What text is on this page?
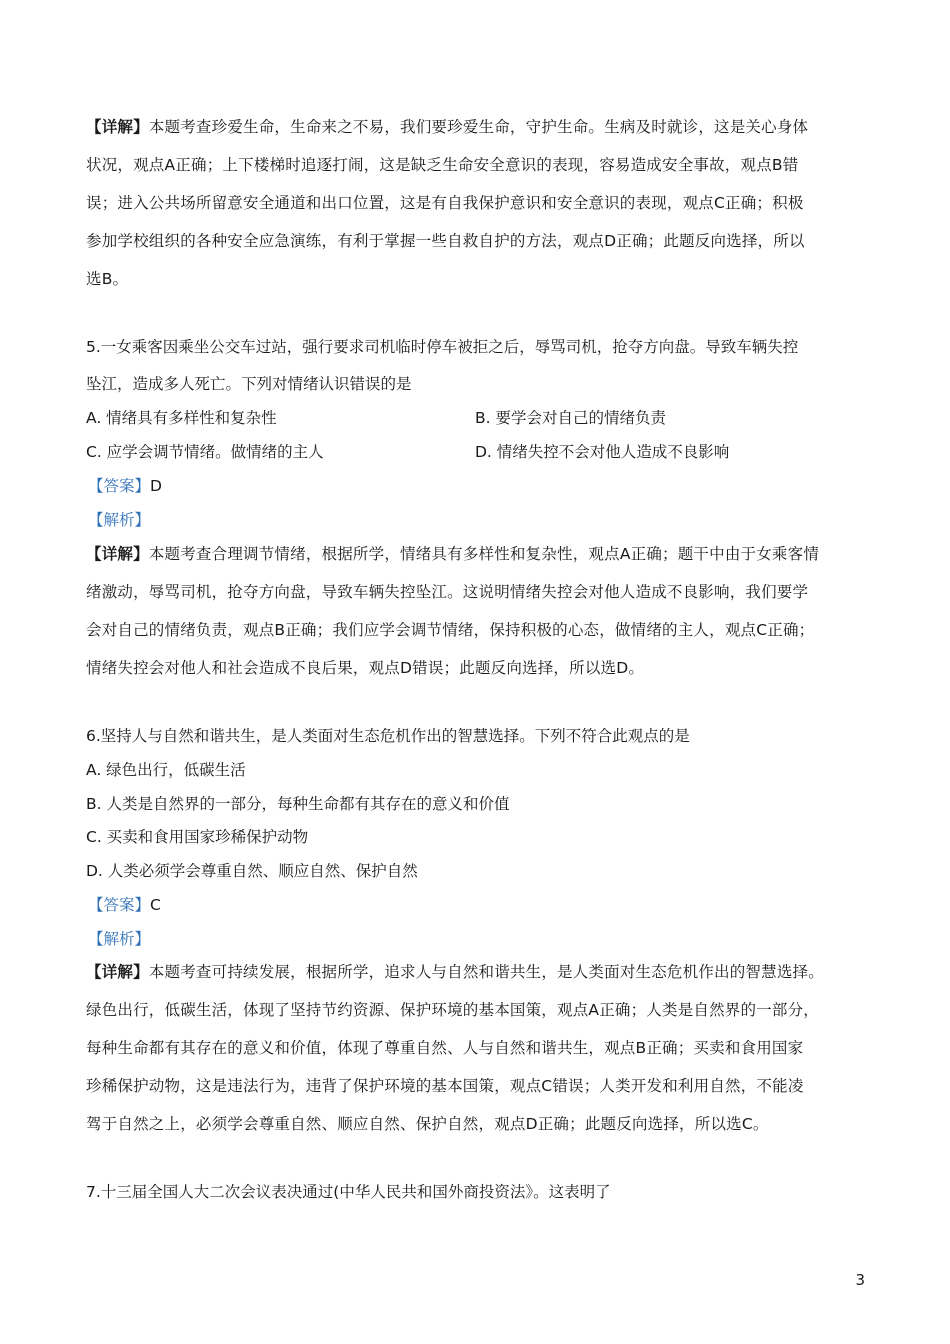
【详解】本题考查珍爱生命，生命来之不易，我们要珍爱生命，守护生命。生病及时就诊，这是关心身体
状况，观点A正确；上下楼梯时追逐打闹，这是缺乏生命安全意识的表现，容易造成安全事故，观点B错
误；进入公共场所留意安全通道和出口位置，这是有自我保护意识和安全意识的表现，观点C正确；积极
参加学校组织的各种安全应急演练，有利于掌握一些自救自护的方法，观点D正确；此题反向选择，所以
选B。
5.一女乘客因乘坐公交车过站，强行要求司机临时停车被拒之后，辱骂司机，抢夺方向盘。导致车辆失控
坠江，造成多人死亡。下列对情绪认识错误的是
A. 情绪具有多样性和复杂性	B. 要学会对自己的情绪负责
C. 应学会调节情绪。做情绪的主人	D. 情绪失控不会对他人造成不良影响
【答案】D
【解析】
【详解】本题考查合理调节情绪，根据所学，情绪具有多样性和复杂性，观点A正确；题干中由于女乘客情
绪激动，辱骂司机，抢夺方向盘，导致车辆失控坠江。这说明情绪失控会对他人造成不良影响，我们要学
会对自己的情绪负责，观点B正确；我们应学会调节情绪，保持积极的心态，做情绪的主人，观点C正确；
情绪失控会对他人和社会造成不良后果，观点D错误；此题反向选择，所以选D。
6.坚持人与自然和谐共生，是人类面对生态危机作出的智慧选择。下列不符合此观点的是
A. 绿色出行，低碳生活
B. 人类是自然界的一部分，每种生命都有其存在的意义和价值
C. 买卖和食用国家珍稀保护动物
D. 人类必须学会尊重自然、顺应自然、保护自然
【答案】C
【解析】
【详解】本题考查可持续发展，根据所学，追求人与自然和谐共生，是人类面对生态危机作出的智慧选择。
绿色出行，低碳生活，体现了坚持节约资源、保护环境的基本国策，观点A正确；人类是自然界的一部分，
每种生命都有其存在的意义和价值，体现了尊重自然、人与自然和谐共生，观点B正确；买卖和食用国家
珍稀保护动物，这是违法行为，违背了保护环境的基本国策，观点C错误；人类开发和利用自然，不能凌
驾于自然之上，必须学会尊重自然、顺应自然、保护自然，观点D正确；此题反向选择，所以选C。
7.十三届全国人大二次会议表决通过(中华人民共和国外商投资法》。这表明了
3
